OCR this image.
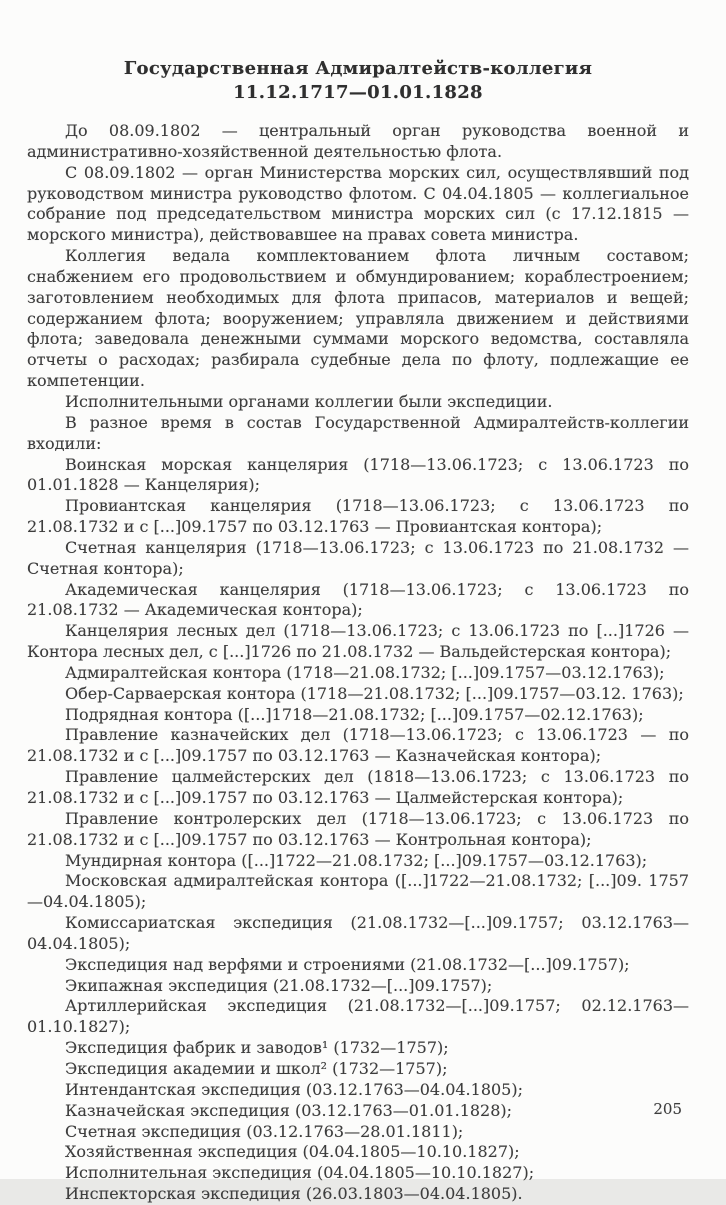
Государственная Адмиралтейств-коллегия
11.12.1717—01.01.1828

До 08.09.1802 — центральный орган руководства военной и административно-хозяйственной деятельностью флота.

С 08.09.1802 — орган Министерства морских сил, осуществлявший под руководством министра руководство флотом. С 04.04.1805 — коллегиальное собрание под председательством министра морских сил (с 17.12.1815 — морского министра), действовавшее на правах совета министра.

Коллегия ведала комплектованием флота личным составом; снабжением его продовольствием и обмундированием; кораблестроением; заготовлением необходимых для флота припасов, материалов и вещей; содержанием флота; вооружением; управляла движением и действиями флота; заведовала денежными суммами морского ведомства, составляла отчеты о расходах; разбирала судебные дела по флоту, подлежащие ее компетенции.

Исполнительными органами коллегии были экспедиции.

В разное время в состав Государственной Адмиралтейств-коллегии входили:

Воинская морская канцелярия (1718—13.06.1723; с 13.06.1723 по 01.01.1828 — Канцелярия);

Провиантская канцелярия (1718—13.06.1723; с 13.06.1723 по 21.08.1732 и с [...]09.1757 по 03.12.1763 — Провиантская контора);

Счетная канцелярия (1718—13.06.1723; с 13.06.1723 по 21.08.1732 — Счетная контора);

Академическая канцелярия (1718—13.06.1723; с 13.06.1723 по 21.08.1732 — Академическая контора);

Канцелярия лесных дел (1718—13.06.1723; с 13.06.1723 по [...]1726 — Контора лесных дел, с [...]1726 по 21.08.1732 — Вальдейстерская контора);

Адмиралтейская контора (1718—21.08.1732; [...]09.1757—03.12.1763);

Обер-Сарваерская контора (1718—21.08.1732; [...]09.1757—03.12. 1763);

Подрядная контора ([...]1718—21.08.1732; [...]09.1757—02.12.1763);

Правление казначейских дел (1718—13.06.1723; с 13.06.1723 — по 21.08.1732 и с [...]09.1757 по 03.12.1763 — Казначейская контора);

Правление цалмейстерских дел (1818—13.06.1723; с 13.06.1723 по 21.08.1732 и с [...]09.1757 по 03.12.1763 — Цалмейстерская контора);

Правление контролерских дел (1718—13.06.1723; с 13.06.1723 по 21.08.1732 и с [...]09.1757 по 03.12.1763 — Контрольная контора);

Мундирная контора ([...]1722—21.08.1732; [...]09.1757—03.12.1763);

Московская адмиралтейская контора ([...]1722—21.08.1732; [...]09. 1757—04.04.1805);

Комиссариатская экспедиция (21.08.1732—[...]09.1757; 03.12.1763—04.04.1805);

Экспедиция над верфями и строениями (21.08.1732—[...]09.1757);

Экипажная экспедиция (21.08.1732—[...]09.1757);

Артиллерийская экспедиция (21.08.1732—[...]09.1757; 02.12.1763—01.10.1827);

Экспедиция фабрик и заводов¹ (1732—1757);

Экспедиция академии и школ² (1732—1757);

Интендантская экспедиция (03.12.1763—04.04.1805);

Казначейская экспедиция (03.12.1763—01.01.1828);

Счетная экспедиция (03.12.1763—28.01.1811);

Хозяйственная экспедиция (04.04.1805—10.10.1827);

Исполнительная экспедиция (04.04.1805—10.10.1827);

Инспекторская экспедиция (26.03.1803—04.04.1805).

205
